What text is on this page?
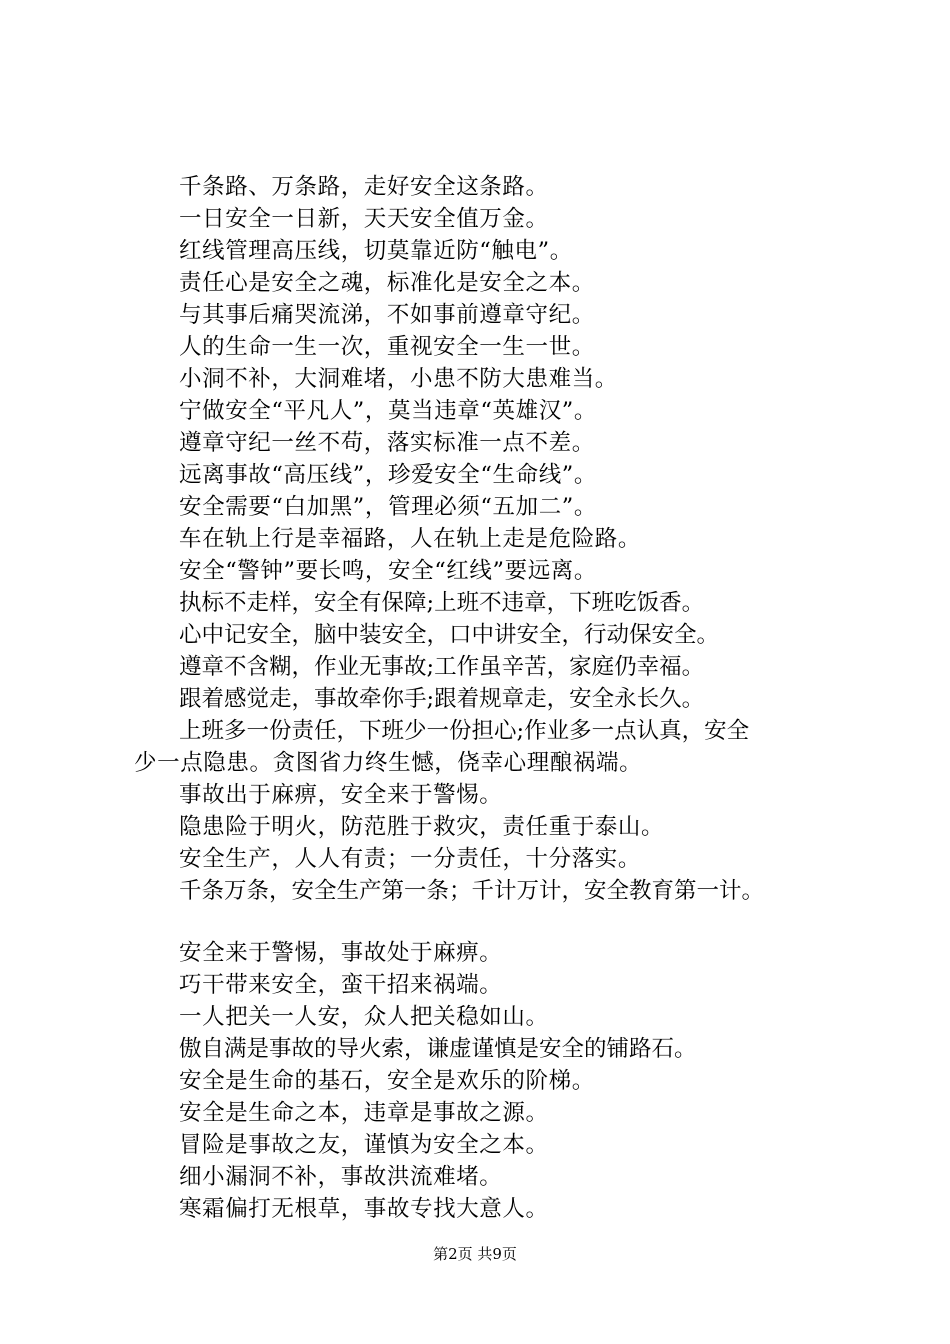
千条路、万条路，走好安全这条路。
一日安全一日新，天天安全值万金。
红线管理高压线，切莫靠近防“触电”。
责任心是安全之魂，标准化是安全之本。
与其事后痛哭流涕，不如事前遵章守纪。
人的生命一生一次，重视安全一生一世。
小洞不补，大洞难堵，小患不防大患难当。
宁做安全“平凡人”，莫当违章“英雄汉”。
遵章守纪一丝不苟，落实标准一点不差。
远离事故“高压线”，珍爱安全“生命线”。
安全需要“白加黑”，管理必须“五加二”。
车在轨上行是幸福路，人在轨上走是危险路。
安全“警钟”要长鸣，安全“红线”要远离。
执标不走样，安全有保障;上班不违章，下班吃饭香。
心中记安全，脑中装安全，口中讲安全，行动保安全。
遵章不含糊，作业无事故;工作虽辛苦，家庭仍幸福。
跟着感觉走，事故牵你手;跟着规章走，安全永长久。
上班多一份责任，下班少一份担心;作业多一点认真，安全
少一点隐患。贪图省力终生憾，侥幸心理酿祸端。
事故出于麻痹，安全来于警惕。
隐患险于明火，防范胜于救灾，责任重于泰山。
安全生产，人人有责；一分责任，十分落实。
千条万条，安全生产第一条；千计万计，安全教育第一计。
安全来于警惕，事故处于麻痹。
巧干带来安全，蛮干招来祸端。
一人把关一人安，众人把关稳如山。
傲自满是事故的导火索，谦虚谨慎是安全的铺路石。
安全是生命的基石，安全是欢乐的阶梯。
安全是生命之本，违章是事故之源。
冒险是事故之友，谨慎为安全之本。
细小漏洞不补，事故洪流难堵。
寒霜偏打无根草，事故专找大意人。
第2页 共9页
